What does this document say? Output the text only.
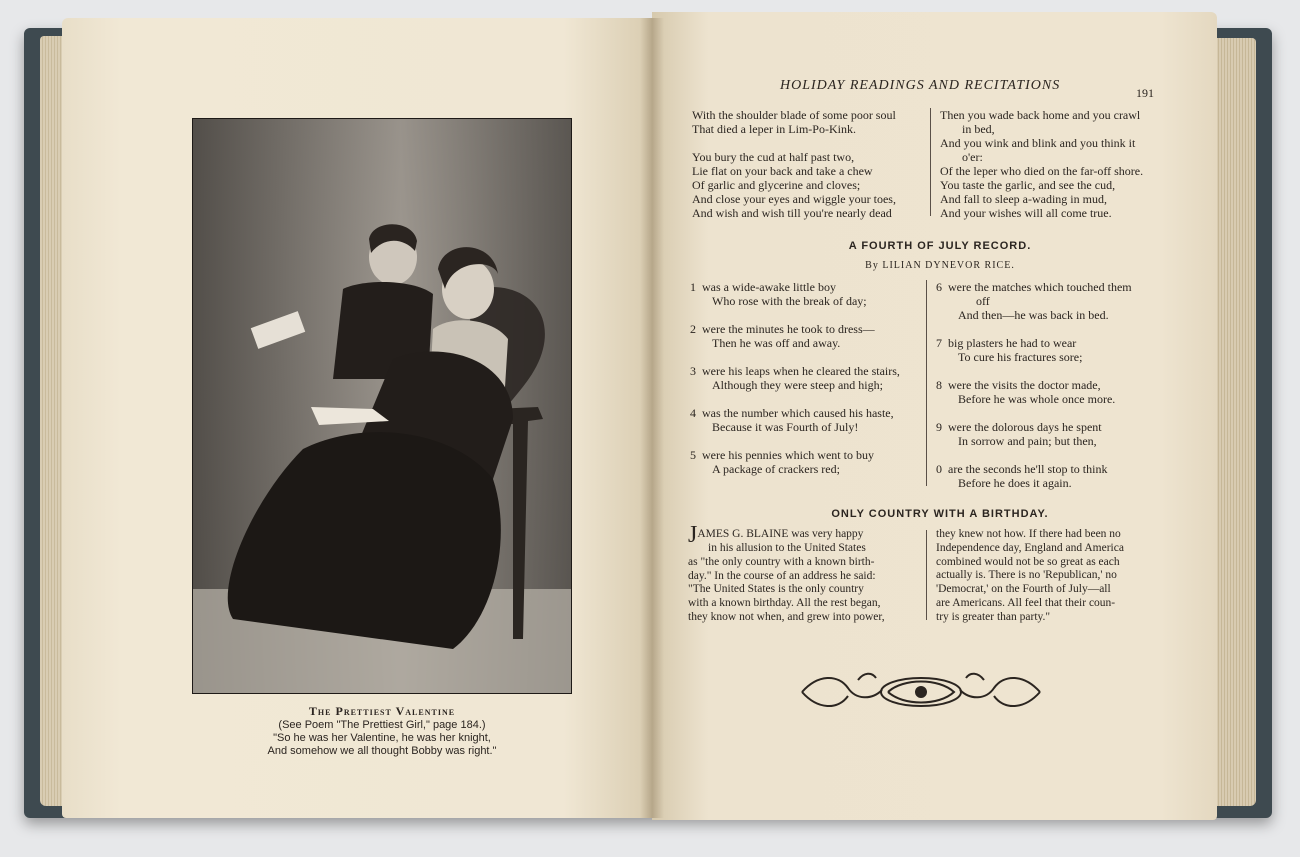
The Prettiest Valentine
(See Poem "The Prettiest Girl," page 184.)
"So he was her Valentine, he was her knight,
And somehow we all thought Bobby was right."
HOLIDAY READINGS AND RECITATIONS	191
With the shoulder blade of some poor soul
That died a leper in Lim-Po-Kink.
You bury the cud at half past two,
Lie flat on your back and take a chew
Of garlic and glycerine and cloves;
And close your eyes and wiggle your toes,
And wish and wish till you're nearly dead
Then you wade back home and you crawl
in bed,
And you wink and blink and you think it
o'er:
Of the leper who died on the far-off shore.
You taste the garlic, and see the cud,
And fall to sleep a-wading in mud,
And your wishes will all come true.
A FOURTH OF JULY RECORD.
By LILIAN DYNEVOR RICE.
1 was a wide-awake little boy
Who rose with the break of day;
2 were the minutes he took to dress—
Then he was off and away.
3 were his leaps when he cleared the stairs,
Although they were steep and high;
4 was the number which caused his haste,
Because it was Fourth of July!
5 were his pennies which went to buy
A package of crackers red;
6 were the matches which touched them
off
And then—he was back in bed.
7 big plasters he had to wear
To cure his fractures sore;
8 were the visits the doctor made,
Before he was whole once more.
9 were the dolorous days he spent
In sorrow and pain; but then,
0 are the seconds he'll stop to think
Before he does it again.
ONLY COUNTRY WITH A BIRTHDAY.
JAMES G. BLAINE was very happy
in his allusion to the United States
as "the only country with a known birth-
day." In the course of an address he said:
"The United States is the only country
with a known birthday. All the rest began,
they know not when, and grew into power,
they knew not how. If there had been no
Independence day, England and America
combined would not be so great as each
actually is. There is no 'Republican,' no
'Democrat,' on the Fourth of July—all
are Americans. All feel that their coun-
try is greater than party."
